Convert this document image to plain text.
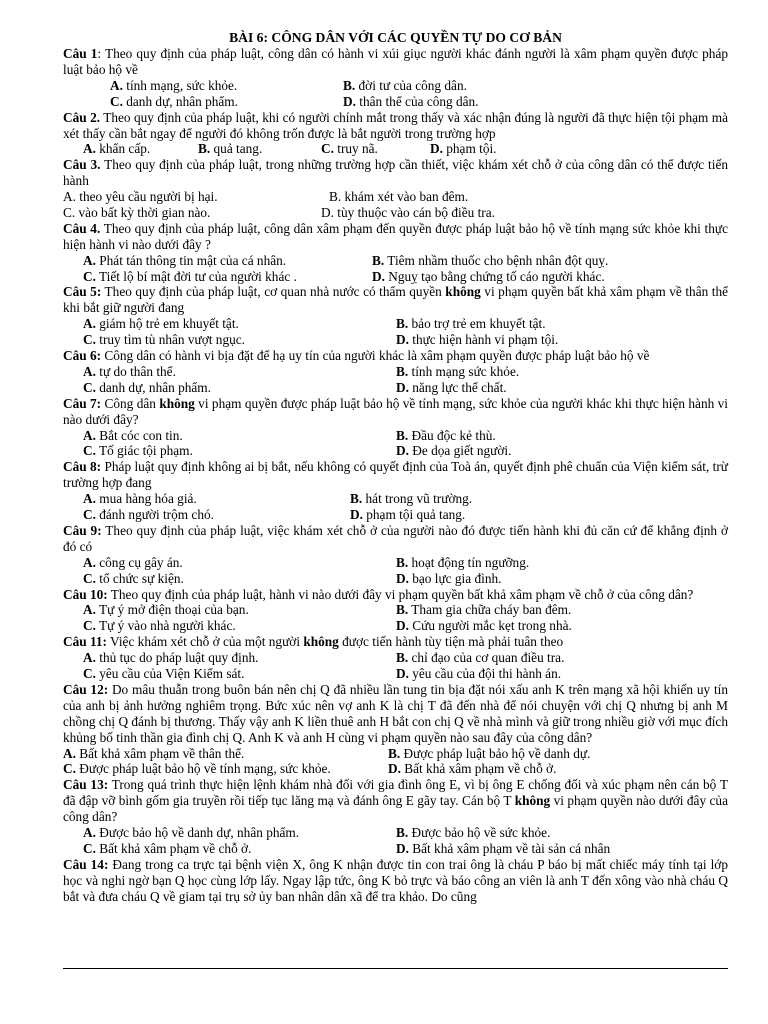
BÀI 6: CÔNG DÂN VỚI CÁC QUYỀN TỰ DO CƠ BẢN
Câu 1: Theo quy định của pháp luật, công dân có hành vi xúi giục người khác đánh người là xâm phạm quyền được pháp luật bảo hộ về
A. tính mạng, sức khỏe.	B. đời tư của công dân.
C. danh dự, nhân phẩm.	D. thân thể của công dân.
Câu 2. Theo quy định của pháp luật, khi có người chính mắt trong thấy và xác nhận đúng là người đã thực hiện tội phạm mà xét thấy cần bắt ngay để người đó không trốn được là bắt người trong trường hợp
A. khẩn cấp.	B. quả tang.	C. truy nã.	D. phạm tội.
Câu 3. Theo quy định của pháp luật, trong những trường hợp cần thiết, việc khám xét chỗ ở của công dân có thể được tiến hành
A. theo yêu cầu người bị hại.	B. khám xét vào ban đêm.
C. vào bất kỳ thời gian nào.	D. tùy thuộc vào cán bộ điều tra.
Câu 4. Theo quy định của pháp luật, công dân xâm phạm đến quyền được pháp luật bảo hộ về tính mạng sức khỏe khi thực hiện hành vi nào dưới đây ?
A. Phát tán thông tin mật của cá nhân.	B. Tiêm nhầm thuốc cho bệnh nhân đột quỵ.
C. Tiết lộ bí mật đời tư của người khác .	D. Nguỵ tạo bằng chứng tố cáo người khác.
Câu 5: Theo quy định của pháp luật, cơ quan nhà nước có thẩm quyền không vi phạm quyền bất khả xâm phạm về thân thể khi bắt giữ người đang
A. giám hộ trẻ em khuyết tật.	B. bảo trợ trẻ em khuyết tật.
C. truy tìm tù nhân vượt ngục.	D. thực hiện hành vi phạm tội.
Câu 6: Công dân có hành vi bịa đặt để hạ uy tín của người khác là xâm phạm quyền được pháp luật bảo hộ về
A. tự do thân thể.	B. tính mạng sức khỏe.
C. danh dự, nhân phẩm.	D. năng lực thể chất.
Câu 7: Công dân không vi phạm quyền được pháp luật bảo hộ về tính mạng, sức khỏe của người khác khi thực hiện hành vi nào dưới đây?
A. Bắt cóc con tin.	B. Đầu độc kẻ thù.
C. Tố giác tội phạm.	D. Đe dọa giết người.
Câu 8: Pháp luật quy định không ai bị bắt, nếu không có quyết định của Toà án, quyết định phê chuẩn của Viện kiểm sát, trừ trường hợp đang
A. mua hàng hóa giả.	B. hát trong vũ trường.
C. đánh người trộm chó.	D. phạm tội quả tang.
Câu 9: Theo quy định của pháp luật, việc khám xét chỗ ở của người nào đó được tiến hành khi đủ căn cứ để khẳng định ở đó có
A. công cụ gây án.	B. hoạt động tín ngưỡng.
C. tổ chức sự kiện.	D. bạo lực gia đình.
Câu 10: Theo quy định của pháp luật, hành vi nào dưới đây vi phạm quyền bất khả xâm phạm về chỗ ở của công dân?
A. Tự ý mở điện thoại của bạn.	B. Tham gia chữa cháy ban đêm.
C. Tự ý vào nhà người khác.	D. Cứu người mắc kẹt trong nhà.
Câu 11: Việc khám xét chỗ ở của một người không được tiến hành tùy tiện mà phải tuân theo
A. thủ tục do pháp luật quy định.	B. chỉ đạo của cơ quan điều tra.
C. yêu cầu của Viện Kiểm sát.	D. yêu cầu của đội thi hành án.
Câu 12: Do mâu thuẫn trong buôn bán nên chị Q đã nhiều lần tung tin bịa đặt nói xấu anh K trên mạng xã hội khiến uy tín của anh bị ảnh hưởng nghiêm trọng. Bức xúc nên vợ anh K là chị T đã đến nhà để nói chuyện với chị Q nhưng bị anh M chồng chị Q đánh bị thương. Thấy vậy anh K liền thuê anh H bắt con chị Q về nhà mình và giữ trong nhiều giờ với mục đích khủng bố tinh thần gia đình chị Q. Anh K và anh H cùng vi phạm quyền nào sau đây của công dân?
A. Bất khả xâm phạm về thân thể.	B. Được pháp luật bảo hộ về danh dự.
C. Được pháp luật bảo hộ về tính mạng, sức khỏe.	D. Bất khả xâm phạm về chỗ ở.
Câu 13: Trong quá trình thực hiện lệnh khám nhà đối với gia đình ông E, vì bị ông E chống đối và xúc phạm nên cán bộ T đã đập vỡ bình gốm gia truyền rồi tiếp tục lăng mạ và đánh ông E gãy tay. Cán bộ T không vi phạm quyền nào dưới đây của công dân?
A. Được bảo hộ về danh dự, nhân phẩm.	B. Được bảo hộ về sức khỏe.
C. Bất khả xâm phạm về chỗ ở.	D. Bất khả xâm phạm về tài sản cá nhân
Câu 14: Đang trong ca trực tại bệnh viện X, ông K nhận được tin con trai ông là cháu P báo bị mất chiếc máy tính tại lớp học và nghi ngờ bạn Q học cùng lớp lấy. Ngay lập tức, ông K bỏ trực và báo công an viên là anh T đến xông vào nhà cháu Q bắt và đưa cháu Q về giam tại trụ sở ủy ban nhân dân xã để tra khảo. Do cũng
